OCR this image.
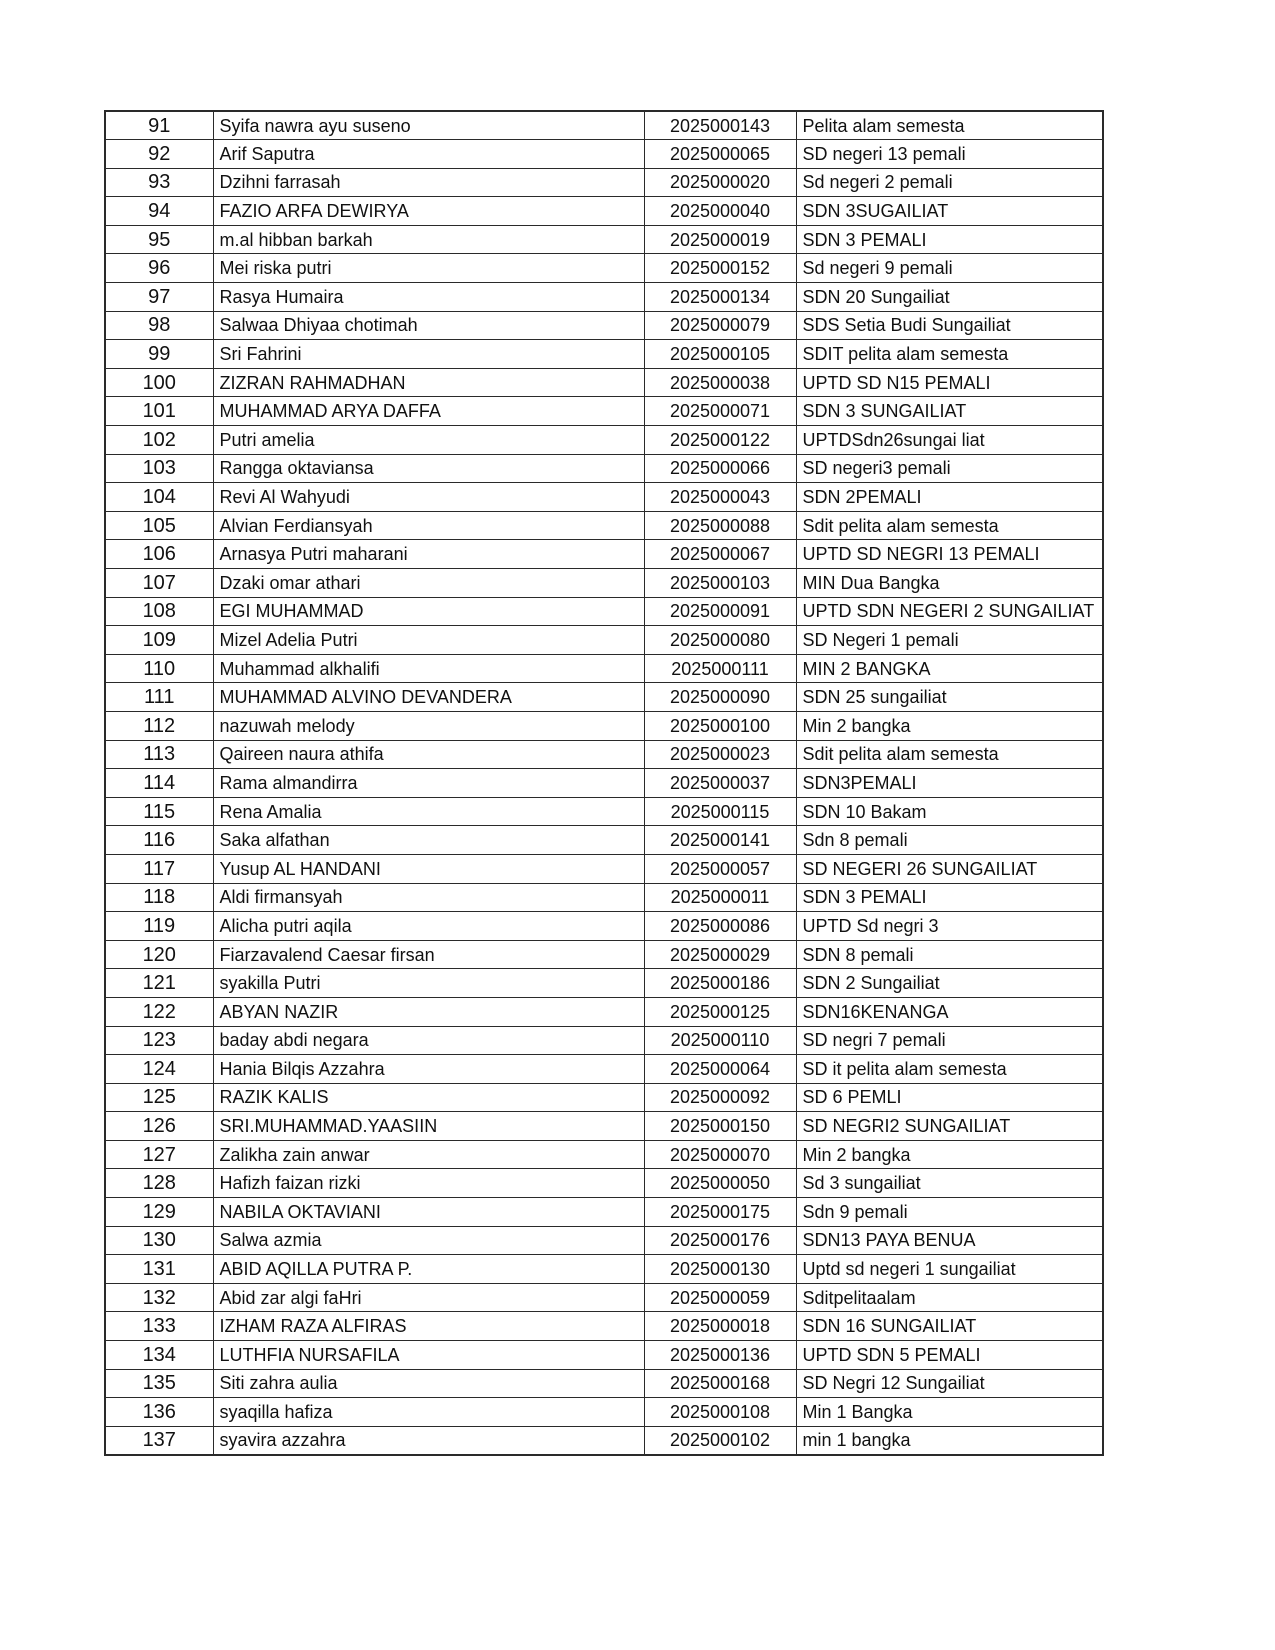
91	Syifa nawra ayu suseno	2025000143	Pelita alam semesta
92	Arif Saputra	2025000065	SD negeri 13 pemali
93	Dzihni farrasah	2025000020	Sd negeri 2 pemali
94	FAZIO ARFA DEWIRYA	2025000040	SDN 3SUGAILIAT
95	m.al hibban barkah	2025000019	SDN 3 PEMALI
96	Mei riska putri	2025000152	Sd negeri 9 pemali
97	Rasya Humaira	2025000134	SDN 20 Sungailiat
98	Salwaa Dhiyaa chotimah	2025000079	SDS Setia Budi Sungailiat
99	Sri Fahrini	2025000105	SDIT pelita alam semesta
100	ZIZRAN RAHMADHAN	2025000038	UPTD SD N15 PEMALI
101	MUHAMMAD ARYA DAFFA	2025000071	SDN 3 SUNGAILIAT
102	Putri amelia	2025000122	UPTDSdn26sungai liat
103	Rangga oktaviansa	2025000066	SD negeri3 pemali
104	Revi Al Wahyudi	2025000043	SDN 2PEMALI
105	Alvian Ferdiansyah	2025000088	Sdit pelita alam semesta
106	Arnasya Putri maharani	2025000067	UPTD SD NEGRI 13 PEMALI
107	Dzaki omar athari	2025000103	MIN Dua Bangka
108	EGI MUHAMMAD	2025000091	UPTD SDN NEGERI 2 SUNGAILIAT
109	Mizel Adelia Putri	2025000080	SD Negeri 1 pemali
110	Muhammad alkhalifi	2025000111	MIN 2 BANGKA
111	MUHAMMAD ALVINO DEVANDERA	2025000090	SDN 25 sungailiat
112	nazuwah melody	2025000100	Min 2 bangka
113	Qaireen naura athifa	2025000023	Sdit pelita alam semesta
114	Rama almandirra	2025000037	SDN3PEMALI
115	Rena Amalia	2025000115	SDN 10 Bakam
116	Saka alfathan	2025000141	Sdn 8 pemali
117	Yusup AL HANDANI	2025000057	SD NEGERI 26 SUNGAILIAT
118	Aldi firmansyah	2025000011	SDN 3 PEMALI
119	Alicha putri aqila	2025000086	UPTD Sd negri 3
120	Fiarzavalend Caesar firsan	2025000029	SDN 8 pemali
121	syakilla Putri	2025000186	SDN 2 Sungailiat
122	ABYAN NAZIR	2025000125	SDN16KENANGA
123	baday abdi negara	2025000110	SD negri 7 pemali
124	Hania Bilqis Azzahra	2025000064	SD it pelita alam semesta
125	RAZIK KALIS	2025000092	SD 6 PEMLI
126	SRI.MUHAMMAD.YAASIIN	2025000150	SD NEGRI2 SUNGAILIAT
127	Zalikha zain anwar	2025000070	Min 2 bangka
128	Hafizh faizan rizki	2025000050	Sd 3 sungailiat
129	NABILA OKTAVIANI	2025000175	Sdn 9 pemali
130	Salwa azmia	2025000176	SDN13 PAYA BENUA
131	ABID AQILLA PUTRA P.	2025000130	Uptd sd negeri 1 sungailiat
132	Abid zar algi faHri	2025000059	Sditpelitaalam
133	IZHAM RAZA ALFIRAS	2025000018	SDN 16 SUNGAILIAT
134	LUTHFIA NURSAFILA	2025000136	UPTD SDN 5 PEMALI
135	Siti zahra aulia	2025000168	SD Negri 12 Sungailiat
136	syaqilla hafiza	2025000108	Min 1 Bangka
137	syavira azzahra	2025000102	min 1 bangka
